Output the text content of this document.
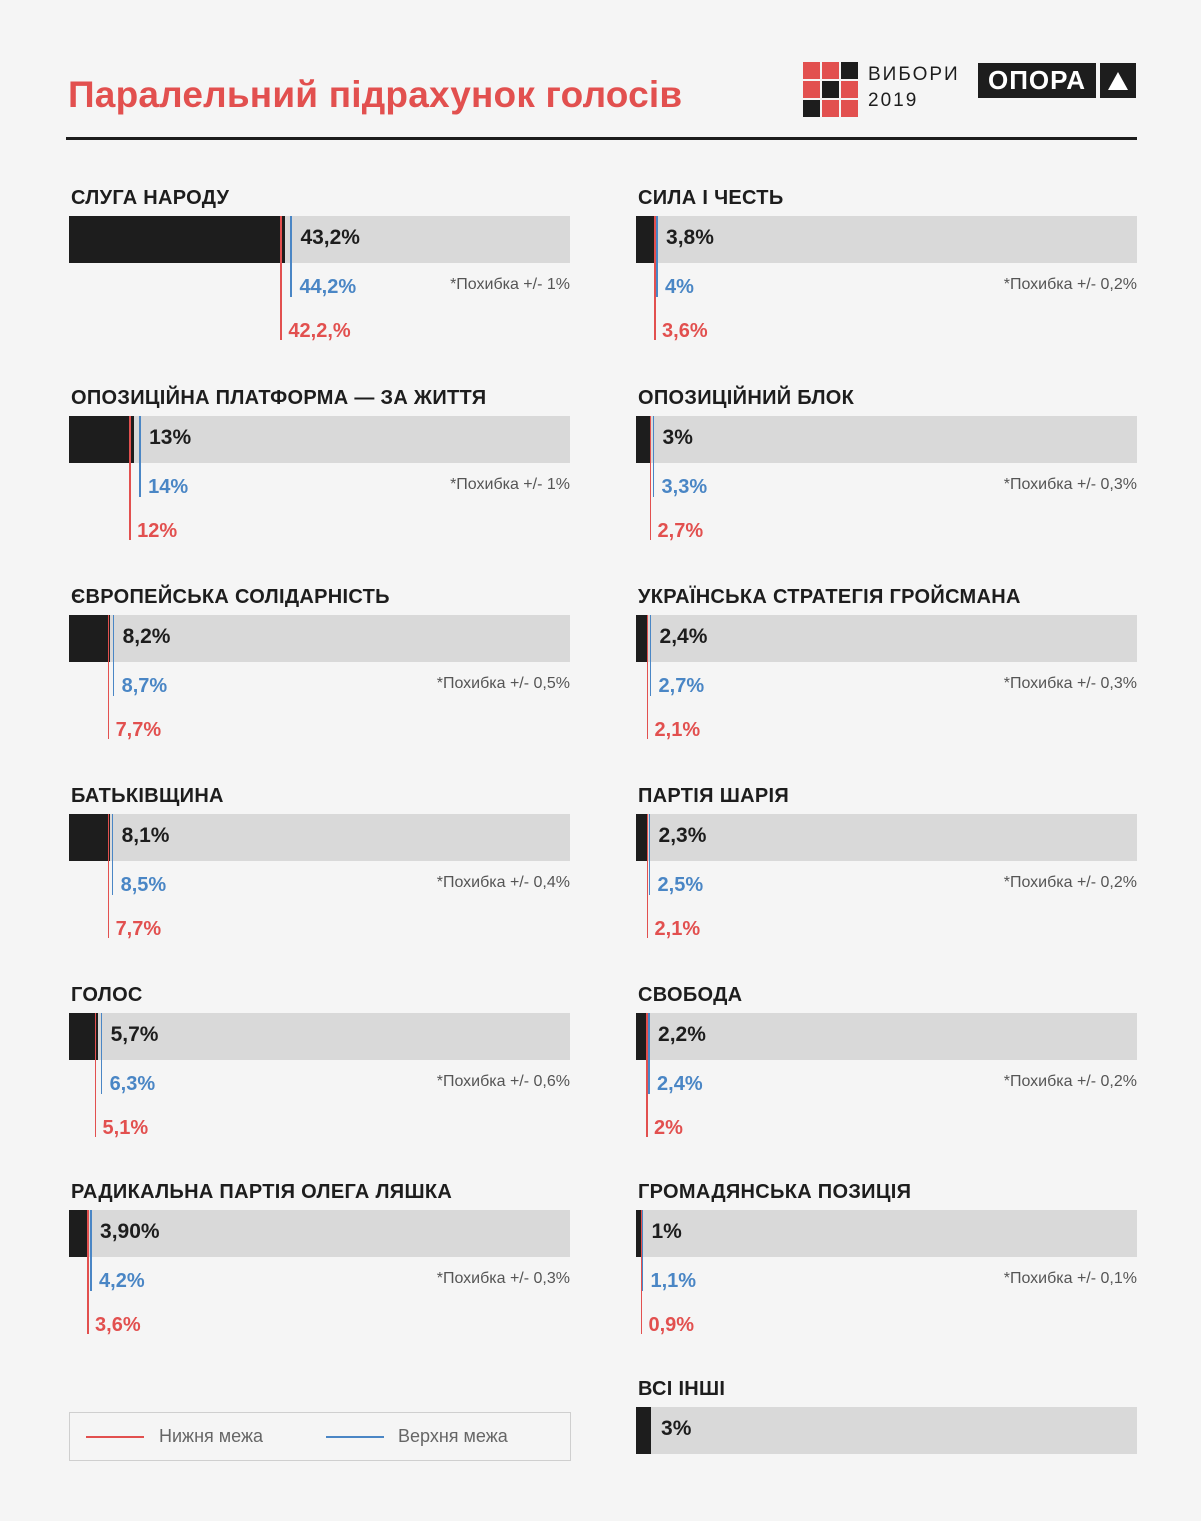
Паралельний підрахунок голосів	ВИБОРИ
2019
ОПОРА
СЛУГА НАРОДУ
44,2%
42,2,%
*Похибка +/- 1%
43,2%
ОПОЗИЦІЙНА ПЛАТФОРМА — ЗА ЖИТТЯ
14%
12%
*Похибка +/- 1%
13%
ЄВРОПЕЙСЬКА СОЛІДАРНІСТЬ
8,7%
7,7%
*Похибка +/- 0,5%
8,2%
БАТЬКІВЩИНА
8,5%
7,7%
*Похибка +/- 0,4%
8,1%
ГОЛОС
6,3%
5,1%
*Похибка +/- 0,6%
5,7%
РАДИКАЛЬНА ПАРТІЯ ОЛЕГА ЛЯШКА
4,2%
3,6%
*Похибка +/- 0,3%
3,90%
СИЛА І ЧЕСТЬ
4%
3,6%
*Похибка +/- 0,2%
3,8%
ОПОЗИЦІЙНИЙ БЛОК
3,3%
2,7%
*Похибка +/- 0,3%
3%
УКРАЇНСЬКА СТРАТЕГІЯ ГРОЙСМАНА
2,7%
2,1%
*Похибка +/- 0,3%
2,4%
ПАРТІЯ ШАРІЯ
2,5%
2,1%
*Похибка +/- 0,2%
2,3%
СВОБОДА
2,4%
2%
*Похибка +/- 0,2%
2,2%
ГРОМАДЯНСЬКА ПОЗИЦІЯ
1,1%
0,9%
*Похибка +/- 0,1%
1%
ВСІ ІНШІ
3%
Нижня межа	Верхня межа
